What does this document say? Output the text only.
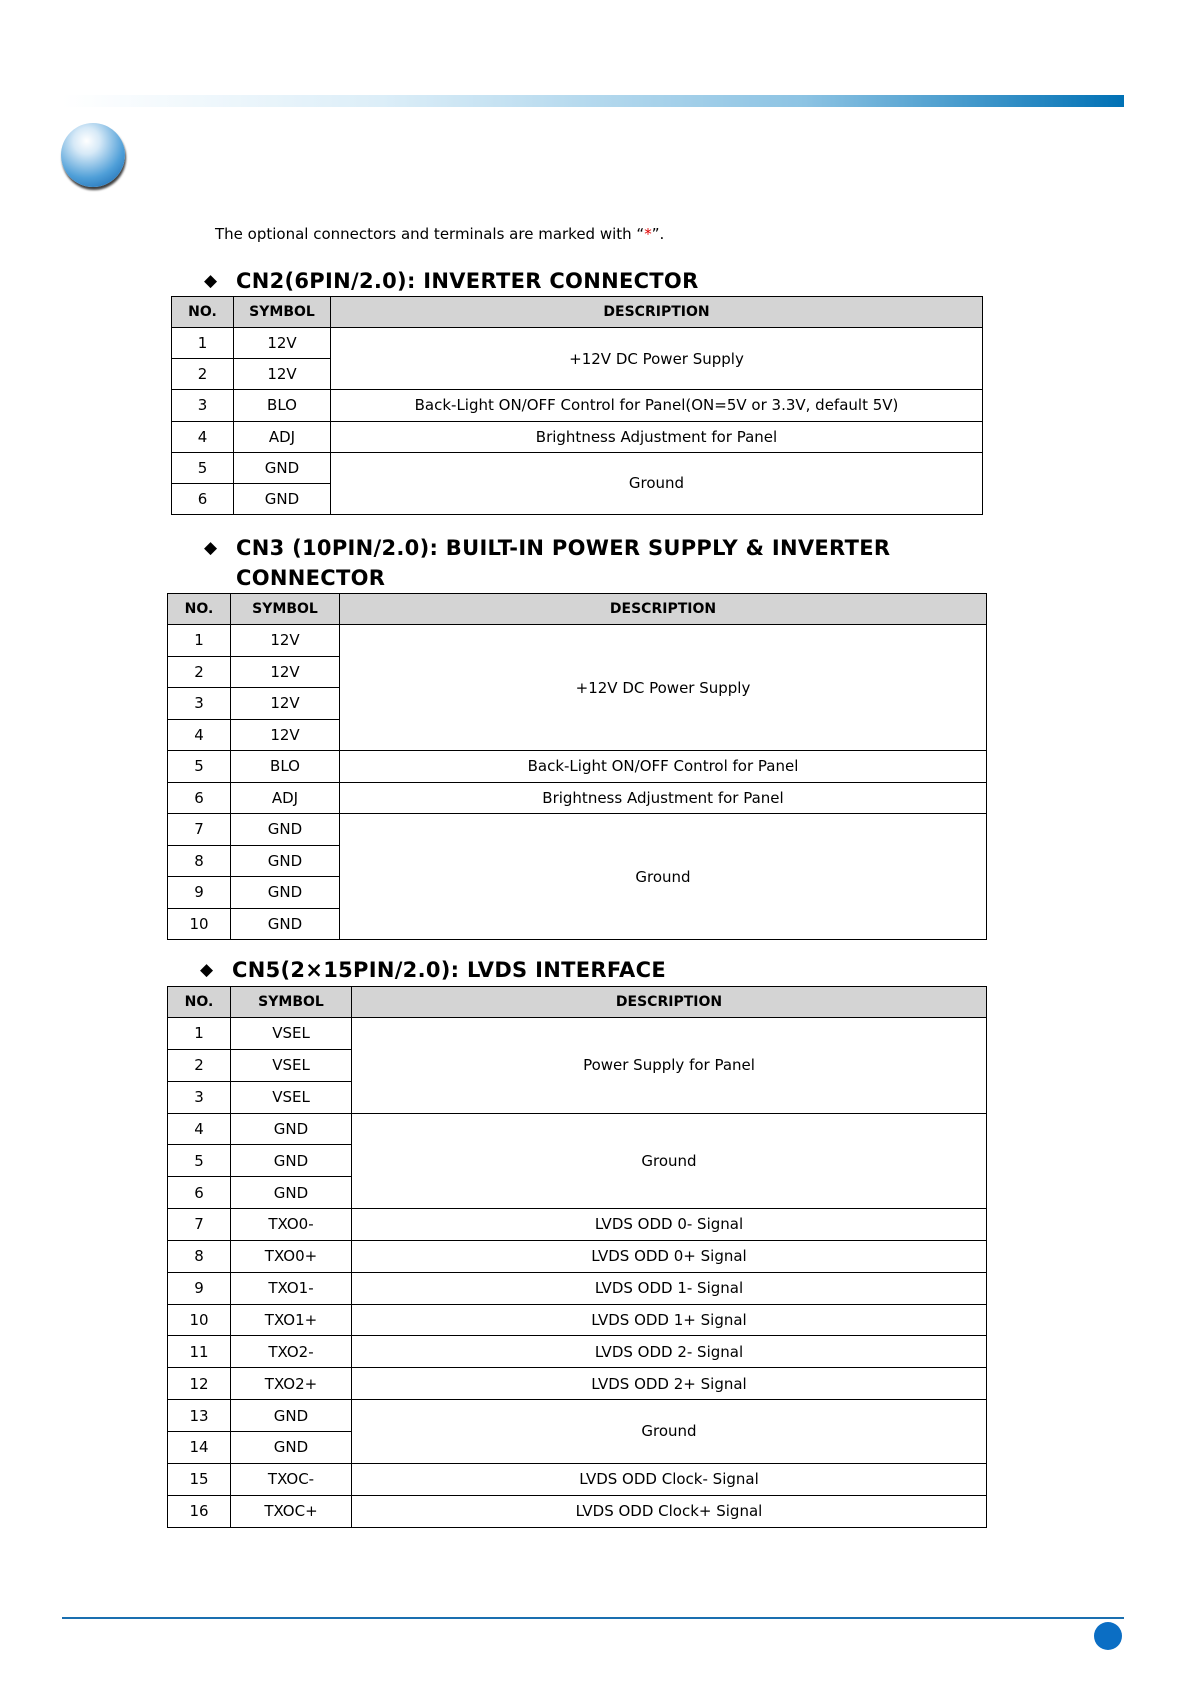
The optional connectors and terminals are marked with “*”.

◆ CN2(6PIN/2.0): INVERTER CONNECTOR
NO.	SYMBOL	DESCRIPTION
1	12V	+12V DC Power Supply
2	12V	
3	BLO	Back-Light ON/OFF Control for Panel(ON=5V or 3.3V, default 5V)
4	ADJ	Brightness Adjustment for Panel
5	GND	Ground
6	GND	
◆ CN3 (10PIN/2.0): BUILT-IN POWER SUPPLY & INVERTER CONNECTOR
NO.	SYMBOL	DESCRIPTION
1	12V	+12V DC Power Supply
2	12V	
3	12V	
4	12V	
5	BLO	Back-Light ON/OFF Control for Panel
6	ADJ	Brightness Adjustment for Panel
7	GND	Ground
8	GND	
9	GND	
10	GND	
◆ CN5(2×15PIN/2.0): LVDS INTERFACE
NO.	SYMBOL	DESCRIPTION
1	VSEL	Power Supply for Panel
2	VSEL	
3	VSEL	
4	GND	Ground
5	GND	
6	GND	
7	TXO0-	LVDS ODD 0- Signal
8	TXO0+	LVDS ODD 0+ Signal
9	TXO1-	LVDS ODD 1- Signal
10	TXO1+	LVDS ODD 1+ Signal
11	TXO2-	LVDS ODD 2- Signal
12	TXO2+	LVDS ODD 2+ Signal
13	GND	Ground
14	GND	
15	TXOC-	LVDS ODD Clock- Signal
16	TXOC+	LVDS ODD Clock+ Signal
